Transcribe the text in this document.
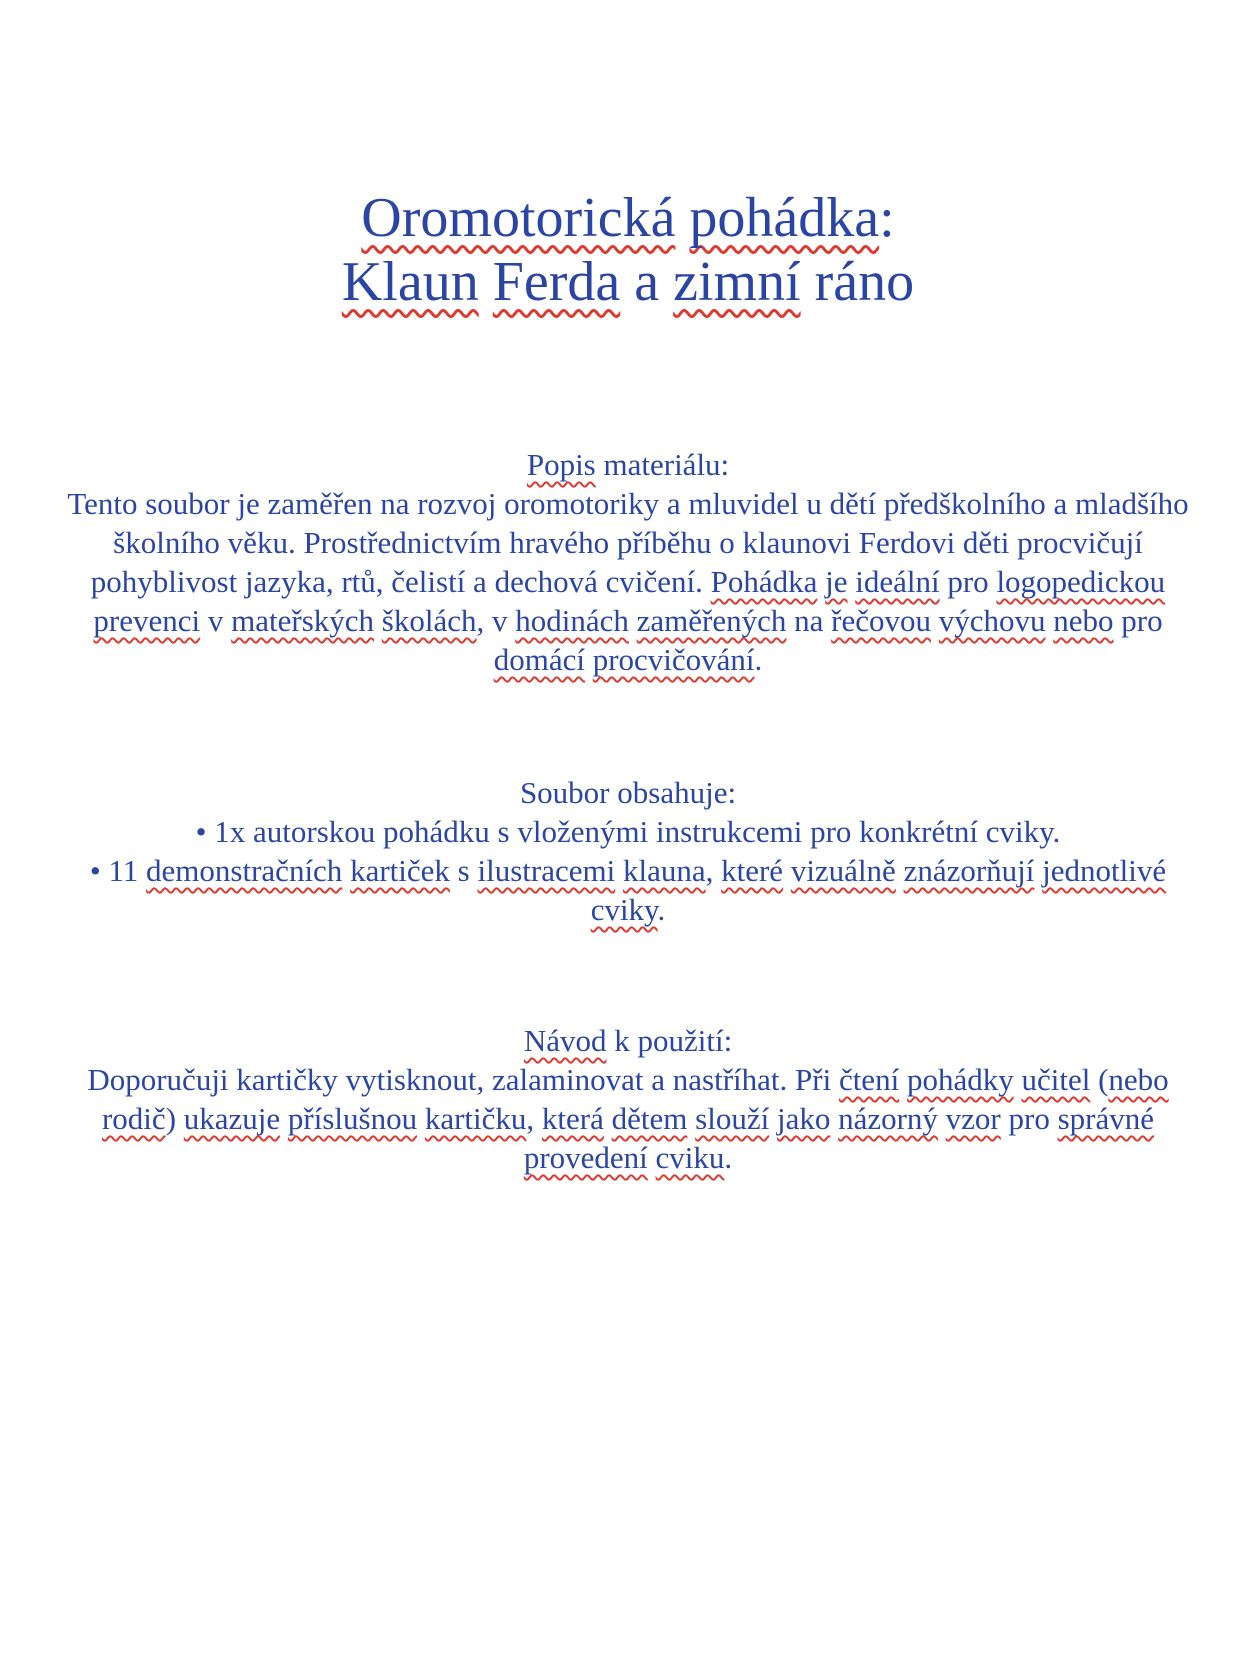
Oromotorická pohádka:
Klaun Ferda a zimní ráno

Popis materiálu:

Tento soubor je zaměřen na rozvoj oromotoriky a mluvidel u dětí předškolního a mladšího školního věku. Prostřednictvím hravého příběhu o klaunovi Ferdovi děti procvičují pohyblivost jazyka, rtů, čelistí a dechová cvičení. Pohádka je ideální pro logopedickou prevenci v mateřských školách, v hodinách zaměřených na řečovou výchovu nebo pro domácí procvičování.

Soubor obsahuje:

• 1x autorskou pohádku s vloženými instrukcemi pro konkrétní cviky.

• 11 demonstračních kartiček s ilustracemi klauna, které vizuálně znázorňují jednotlivé cviky.

Návod k použití:

Doporučuji kartičky vytisknout, zalaminovat a nastříhat. Při čtení pohádky učitel (nebo rodič) ukazuje příslušnou kartičku, která dětem slouží jako názorný vzor pro správné provedení cviku.
